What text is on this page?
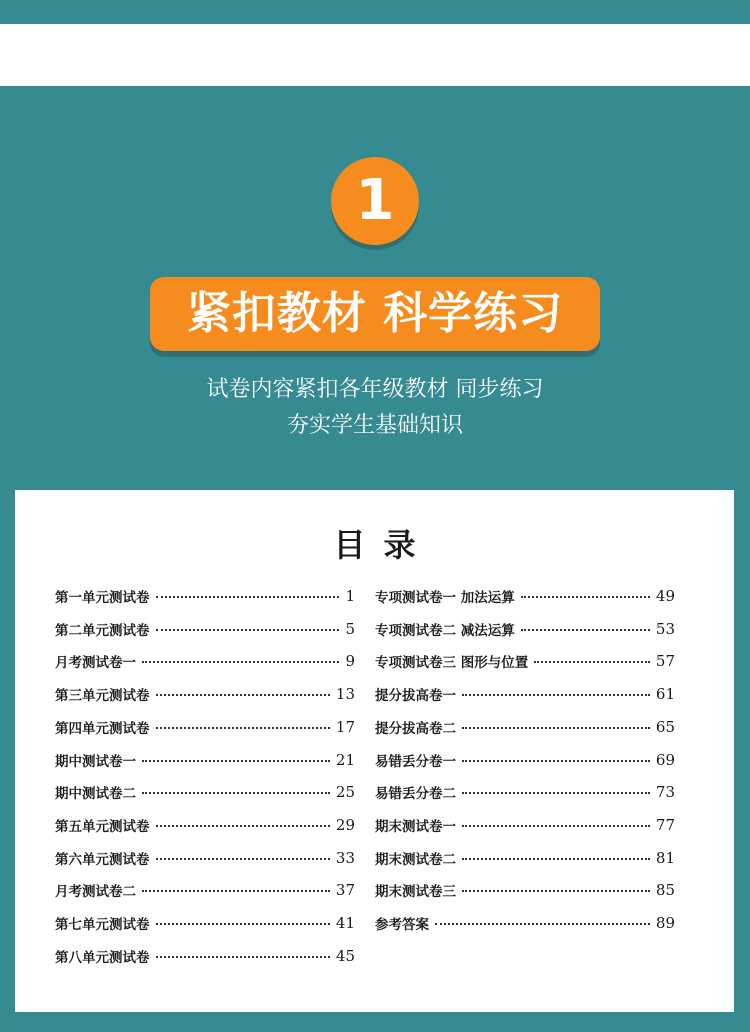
1
紧扣教材 科学练习
试卷内容紧扣各年级教材 同步练习
夯实学生基础知识
目录
第一单元测试卷	1
第二单元测试卷	5
月考测试卷一	9
第三单元测试卷	13
第四单元测试卷	17
期中测试卷一	21
期中测试卷二	25
第五单元测试卷	29
第六单元测试卷	33
月考测试卷二	37
第七单元测试卷	41
第八单元测试卷	45
专项测试卷一 加法运算	49
专项测试卷二 减法运算	53
专项测试卷三 图形与位置	57
提分拔高卷一	61
提分拔高卷二	65
易错丢分卷一	69
易错丢分卷二	73
期末测试卷一	77
期末测试卷二	81
期末测试卷三	85
参考答案	89
